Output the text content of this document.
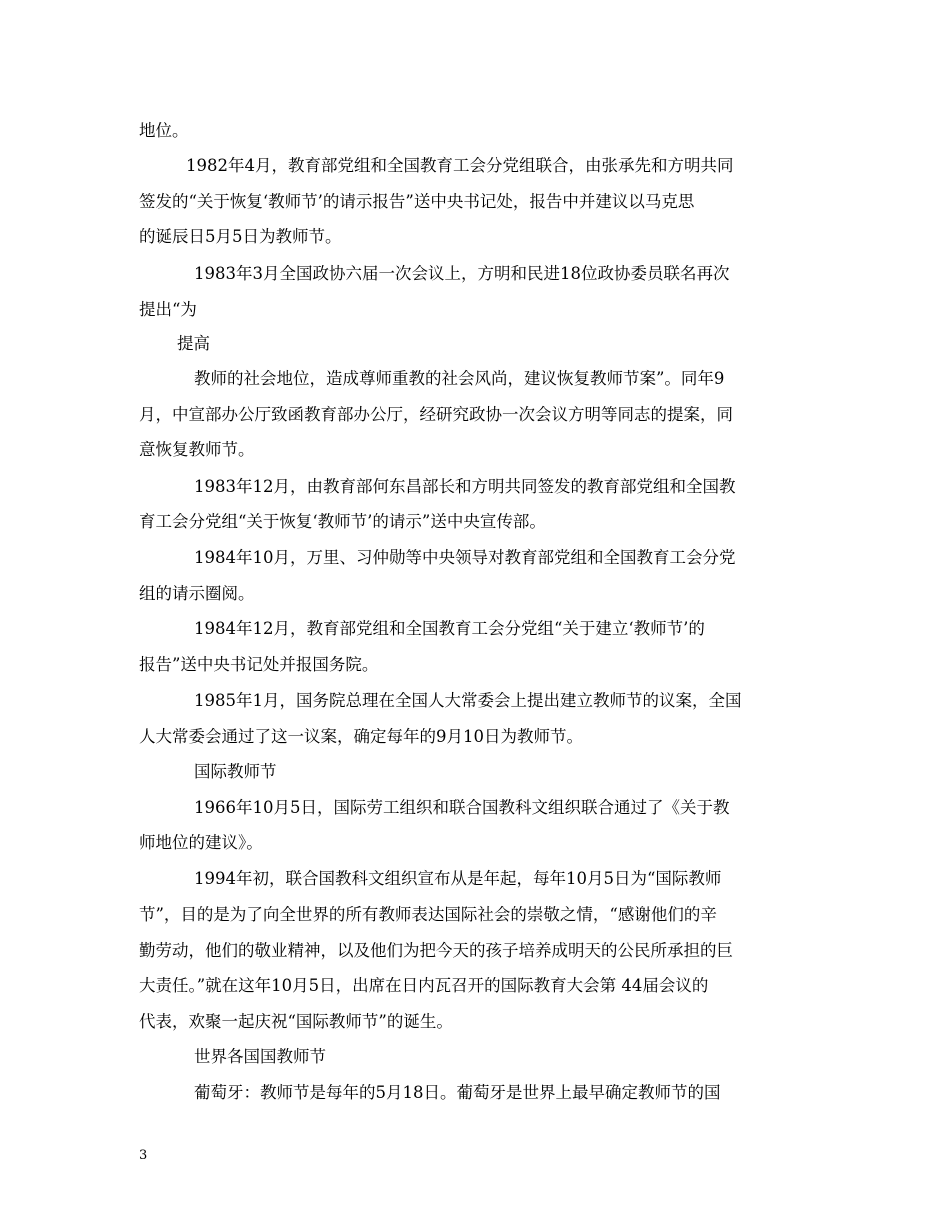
地位。
1982年4月，教育部党组和全国教育工会分党组联合，由张承先和方明共同
签发的“关于恢复‘教师节’的请示报告”送中央书记处，报告中并建议以马克思
的诞辰日5月5日为教师节。
1983年3月全国政协六届一次会议上，方明和民进18位政协委员联名再次
提出“为
提高
教师的社会地位，造成尊师重教的社会风尚，建议恢复教师节案”。同年9
月，中宣部办公厅致函教育部办公厅，经研究政协一次会议方明等同志的提案，同
意恢复教师节。
1983年12月，由教育部何东昌部长和方明共同签发的教育部党组和全国教
育工会分党组“关于恢复‘教师节’的请示”送中央宣传部。
1984年10月，万里、习仲勋等中央领导对教育部党组和全国教育工会分党
组的请示圈阅。
1984年12月，教育部党组和全国教育工会分党组“关于建立‘教师节’的
报告”送中央书记处并报国务院。
1985年1月，国务院总理在全国人大常委会上提出建立教师节的议案，全国
人大常委会通过了这一议案，确定每年的9月10日为教师节。
国际教师节
1966年10月5日，国际劳工组织和联合国教科文组织联合通过了《关于教
师地位的建议》。
1994年初，联合国教科文组织宣布从是年起，每年10月5日为“国际教师
节”，目的是为了向全世界的所有教师表达国际社会的崇敬之情，“感谢他们的辛
勤劳动，他们的敬业精神，以及他们为把今天的孩子培养成明天的公民所承担的巨
大责任。”就在这年10月5日，出席在日内瓦召开的国际教育大会第 44届会议的
代表，欢聚一起庆祝“国际教师节”的诞生。
世界各国国教师节
葡萄牙：教师节是每年的5月18日。葡萄牙是世界上最早确定教师节的国
3
